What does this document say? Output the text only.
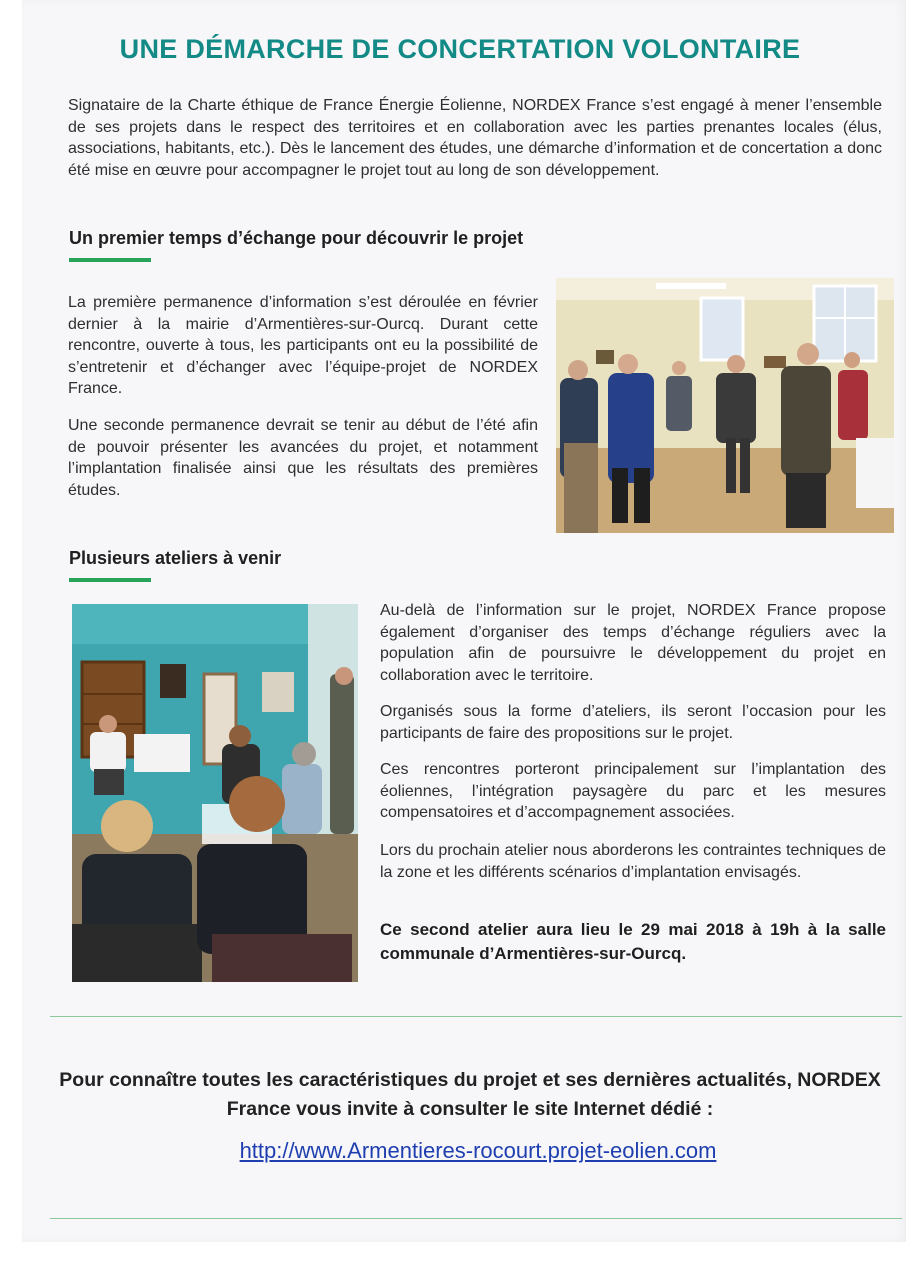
UNE DÉMARCHE DE CONCERTATION VOLONTAIRE

Signataire de la Charte éthique de France Énergie Éolienne, NORDEX France s’est engagé à mener l’ensemble de ses projets dans le respect des territoires et en collaboration avec les parties prenantes locales (élus, associations, habitants, etc.). Dès le lancement des études, une démarche d’information et de concertation a donc été mise en œuvre pour accompagner le projet tout au long de son développement.

Un premier temps d’échange pour découvrir le projet

La première permanence d’information s’est déroulée en février dernier à la mairie d’Armentières-sur-Ourcq. Durant cette rencontre, ouverte à tous, les participants ont eu la possibilité de s’entretenir et d’échanger avec l’équipe-projet de NORDEX France.

Une seconde permanence devrait se tenir au début de l’été afin de pouvoir présenter les avancées du projet, et notamment l’implantation finalisée ainsi que les résultats des premières études.

Plusieurs ateliers à venir

Au-delà de l’information sur le projet, NORDEX France propose également d’organiser des temps d’échange réguliers avec la population afin de poursuivre le développement du projet en collaboration avec le territoire.

Organisés sous la forme d’ateliers, ils seront l’occasion pour les participants de faire des propositions sur le projet.

Ces rencontres porteront principalement sur l’implantation des éoliennes, l’intégration paysagère du parc et les mesures compensatoires et d’accompagnement associées.

Lors du prochain atelier nous aborderons les contraintes techniques de la zone et les différents scénarios d’implantation envisagés.

Ce second atelier aura lieu le 29 mai 2018 à 19h à la salle communale d’Armentières-sur-Ourcq.

Pour connaître toutes les caractéristiques du projet et ses dernières actualités, NORDEX France vous invite à consulter le site Internet dédié :

http://www.Armentieres-rocourt.projet-eolien.com
